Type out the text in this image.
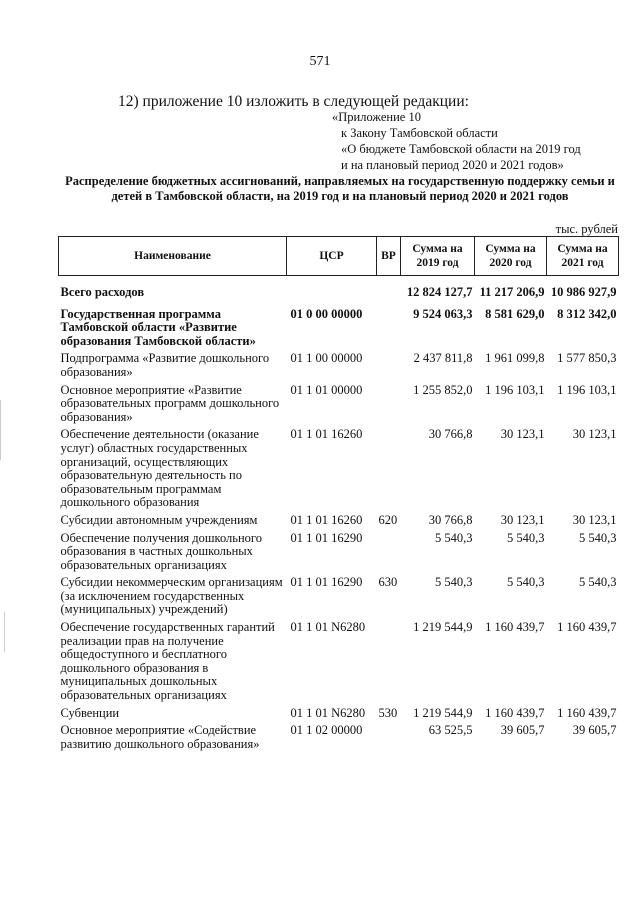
571
12) приложение 10 изложить в следующей редакции:
«Приложение 10
к Закону Тамбовской области
«О бюджете Тамбовской области на 2019 год
и на плановый период 2020 и 2021 годов»
Распределение бюджетных ассигнований, направляемых на государственную поддержку семьи и детей в Тамбовской области, на 2019 год и на плановый период 2020 и 2021 годов
тыс. рублей
Наименование	ЦСР	ВР	Сумма на 2019 год	Сумма на 2020 год	Сумма на 2021 год

Всего расходов			12 824 127,7	11 217 206,9	10 986 927,9

Государственная программа Тамбовской области «Развитие образования Тамбовской области»	01 0 00 00000		9 524 063,3	8 581 629,0	8 312 342,0

Подпрограмма «Развитие дошкольного образования»	01 1 00 00000		2 437 811,8	1 961 099,8	1 577 850,3

Основное мероприятие «Развитие образовательных программ дошкольного образования»	01 1 01 00000		1 255 852,0	1 196 103,1	1 196 103,1

Обеспечение деятельности (оказание услуг) областных государственных организаций, осуществляющих образовательную деятельность по образовательным программам дошкольного образования	01 1 01 16260		30 766,8	30 123,1	30 123,1

Субсидии автономным учреждениям	01 1 01 16260	620	30 766,8	30 123,1	30 123,1

Обеспечение получения дошкольного образования в частных дошкольных образовательных организациях	01 1 01 16290		5 540,3	5 540,3	5 540,3

Субсидии некоммерческим организациям (за исключением государственных (муниципальных) учреждений)	01 1 01 16290	630	5 540,3	5 540,3	5 540,3

Обеспечение государственных гарантий реализации прав на получение общедоступного и бесплатного дошкольного образования в муниципальных дошкольных образовательных организациях	01 1 01 N6280		1 219 544,9	1 160 439,7	1 160 439,7

Субвенции	01 1 01 N6280	530	1 219 544,9	1 160 439,7	1 160 439,7

Основное мероприятие «Содействие развитию дошкольного образования»	01 1 02 00000		63 525,5	39 605,7	39 605,7
